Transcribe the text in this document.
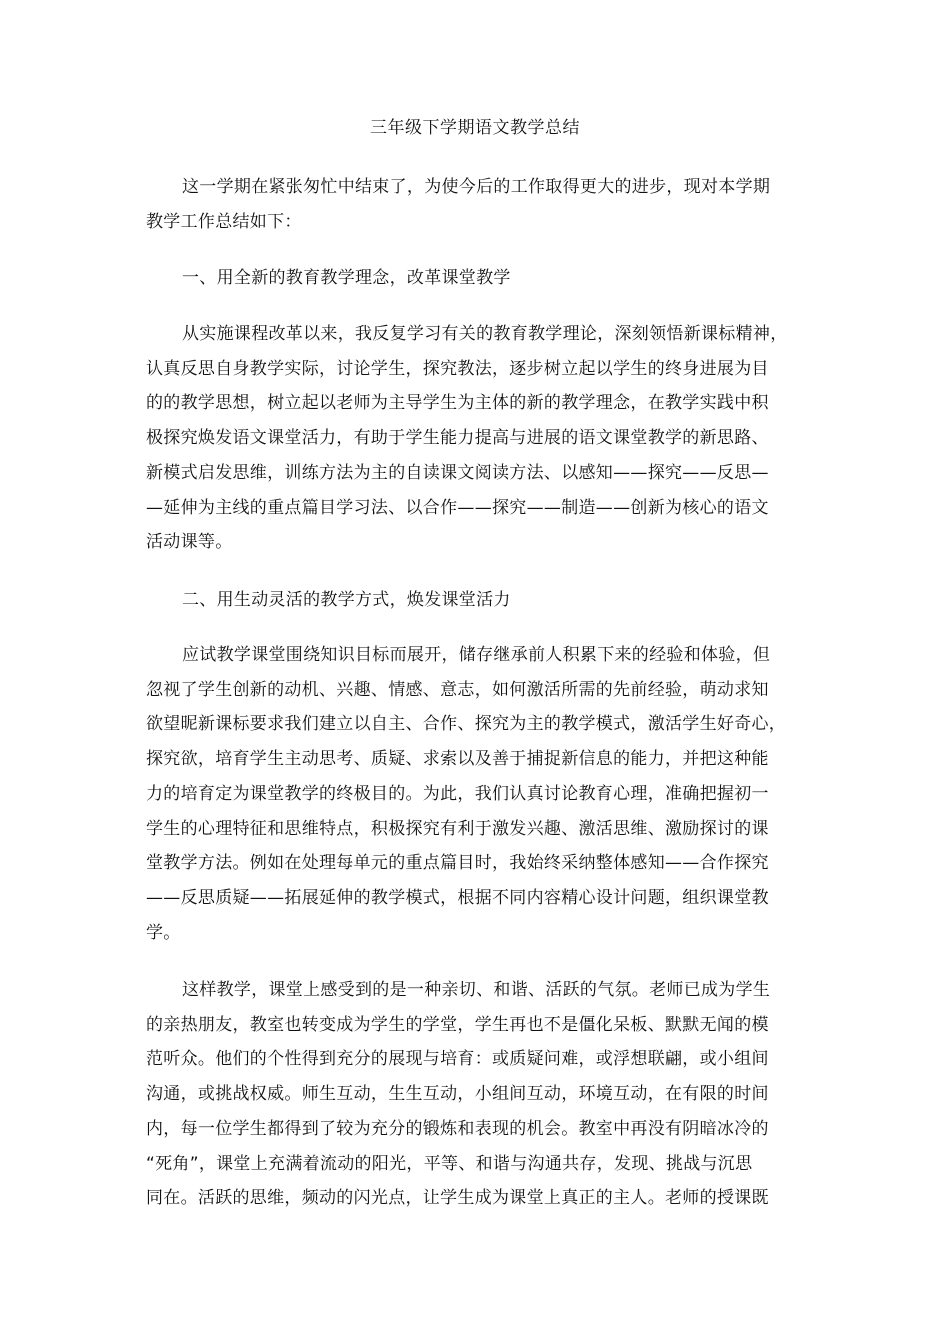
三年级下学期语文教学总结
这一学期在紧张匆忙中结束了，为使今后的工作取得更大的进步，现对本学期
教学工作总结如下：
一、用全新的教育教学理念，改革课堂教学
从实施课程改革以来，我反复学习有关的教育教学理论，深刻领悟新课标精神，
认真反思自身教学实际，讨论学生，探究教法，逐步树立起以学生的终身进展为目
的的教学思想，树立起以老师为主导学生为主体的新的教学理念，在教学实践中积
极探究焕发语文课堂活力，有助于学生能力提高与进展的语文课堂教学的新思路、
新模式启发思维，训练方法为主的自读课文阅读方法、以感知——探究——反思—
—延伸为主线的重点篇目学习法、以合作——探究——制造——创新为核心的语文
活动课等。
二、用生动灵活的教学方式，焕发课堂活力
应试教学课堂围绕知识目标而展开，储存继承前人积累下来的经验和体验，但
忽视了学生创新的动机、兴趣、情感、意志，如何激活所需的先前经验，萌动求知
欲望昵新课标要求我们建立以自主、合作、探究为主的教学模式，激活学生好奇心，
探究欲，培育学生主动思考、质疑、求索以及善于捕捉新信息的能力，并把这种能
力的培育定为课堂教学的终极目的。为此，我们认真讨论教育心理，准确把握初一
学生的心理特征和思维特点，积极探究有利于激发兴趣、激活思维、激励探讨的课
堂教学方法。例如在处理每单元的重点篇目时，我始终采纳整体感知——合作探究
——反思质疑——拓展延伸的教学模式，根据不同内容精心设计问题，组织课堂教
学。
这样教学，课堂上感受到的是一种亲切、和谐、活跃的气氛。老师已成为学生
的亲热朋友，教室也转变成为学生的学堂，学生再也不是僵化呆板、默默无闻的模
范听众。他们的个性得到充分的展现与培育：或质疑问难，或浮想联翩，或小组间
沟通，或挑战权威。师生互动，生生互动，小组间互动，环境互动，在有限的时间
内，每一位学生都得到了较为充分的锻炼和表现的机会。教室中再没有阴暗冰冷的
“死角”，课堂上充满着流动的阳光，平等、和谐与沟通共存，发现、挑战与沉思
同在。活跃的思维，频动的闪光点，让学生成为课堂上真正的主人。老师的授课既
